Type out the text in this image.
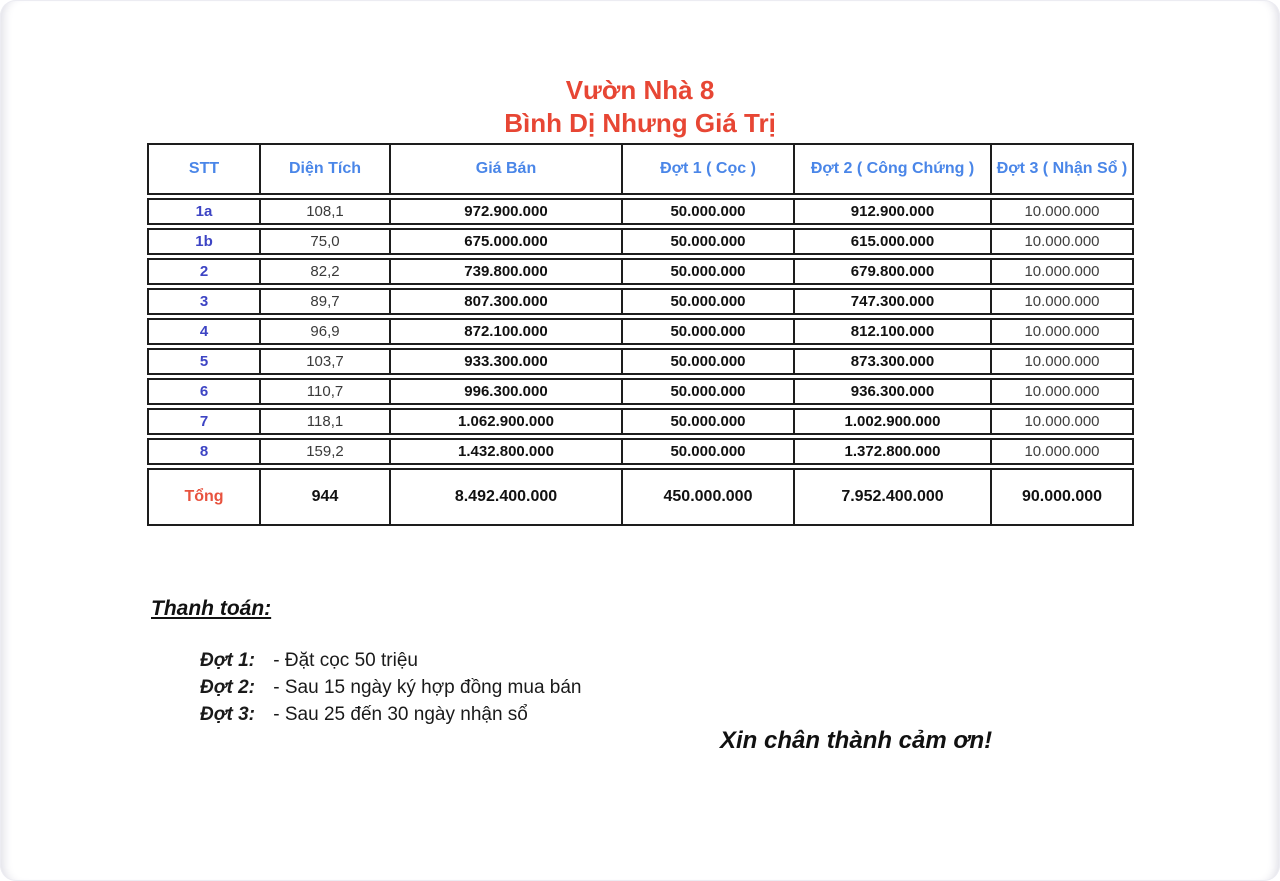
Vườn Nhà 8
Bình Dị Nhưng Giá Trị
STT	Diện Tích	Giá Bán	Đợt 1 ( Cọc )	Đợt 2 ( Công Chứng )	Đợt 3 ( Nhận Sổ )
1a	108,1	972.900.000	50.000.000	912.900.000	10.000.000
1b	75,0	675.000.000	50.000.000	615.000.000	10.000.000
2	82,2	739.800.000	50.000.000	679.800.000	10.000.000
3	89,7	807.300.000	50.000.000	747.300.000	10.000.000
4	96,9	872.100.000	50.000.000	812.100.000	10.000.000
5	103,7	933.300.000	50.000.000	873.300.000	10.000.000
6	110,7	996.300.000	50.000.000	936.300.000	10.000.000
7	118,1	1.062.900.000	50.000.000	1.002.900.000	10.000.000
8	159,2	1.432.800.000	50.000.000	1.372.800.000	10.000.000
Tổng	944	8.492.400.000	450.000.000	7.952.400.000	90.000.000
Thanh toán:
Đợt 1: - Đặt cọc 50 triệu
Đợt 2: - Sau 15 ngày ký hợp đồng mua bán
Đợt 3: - Sau 25 đến 30 ngày nhận sổ
Xin chân thành cảm ơn!
